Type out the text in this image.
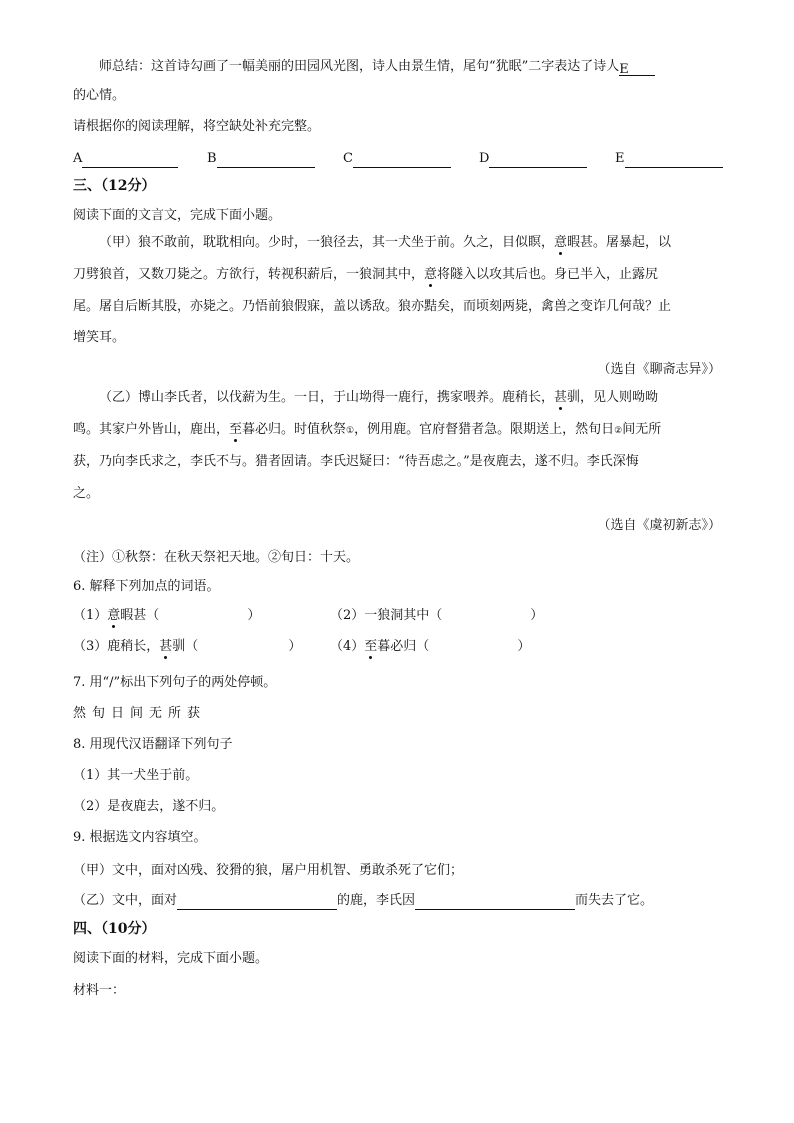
师总结：这首诗勾画了一幅美丽的田园风光图，诗人由景生情，尾句“犹眠”二字表达了诗人E
的心情。
请根据你的阅读理解，将空缺处补充完整。
A	B	C	D	E
三、（12分）
阅读下面的文言文，完成下面小题。
（甲）狼不敢前，耽耽相向。少时，一狼径去，其一犬坐于前。久之，目似瞑，意暇甚。屠暴起，以
刀劈狼首，又数刀毙之。方欲行，转视积薪后，一狼洞其中，意将隧入以攻其后也。身已半入，止露尻
尾。屠自后断其股，亦毙之。乃悟前狼假寐，盖以诱敌。狼亦黠矣，而顷刻两毙，禽兽之变诈几何哉？止
增笑耳。
（选自《聊斋志异》）
（乙）博山李氏者，以伐薪为生。一日，于山坳得一鹿行，携家喂养。鹿稍长，甚驯，见人则呦呦
鸣。其家户外皆山，鹿出，至暮必归。时值秋祭①，例用鹿。官府督猎者急。限期送上，然旬日②间无所
获，乃向李氏求之，李氏不与。猎者固请。李氏迟疑曰：“待吾虑之。”是夜鹿去，遂不归。李氏深悔
之。
（选自《虞初新志》）
（注）①秋祭：在秋天祭祀天地。②旬日：十天。
6. 解释下列加点的词语。
（1）意暇甚（	）	（2）一狼洞其中（	）
（3）鹿稍长，甚驯（	） （4）至暮必归（	）
7. 用“/”标出下列句子的两处停顿。
然旬日间无所获
8. 用现代汉语翻译下列句子
（1）其一犬坐于前。
（2）是夜鹿去，遂不归。
9. 根据选文内容填空。
（甲）文中，面对凶残、狡猾的狼，屠户用机智、勇敢杀死了它们；
（乙）文中，面对	的鹿，李氏因	而失去了它。
四、（10分）
阅读下面的材料，完成下面小题。
材料一：
